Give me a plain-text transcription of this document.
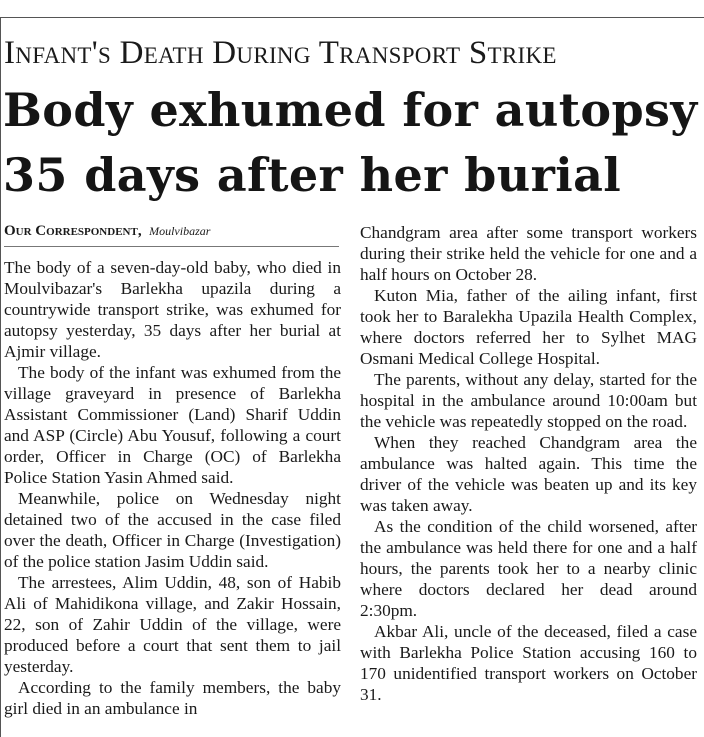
Infant's Death During Transport Strike
Body exhumed for autopsy
35 days after her burial
Our Correspondent, Moulvibazar

The body of a seven-day-old baby, who died in Moulvibazar's Barlekha upazila during a countrywide transport strike, was exhumed for autopsy yesterday, 35 days after her burial at Ajmir village.

The body of the infant was exhumed from the village graveyard in presence of Barlekha Assistant Commissioner (Land) Sharif Uddin and ASP (Circle) Abu Yousuf, following a court order, Officer in Charge (OC) of Barlekha Police Station Yasin Ahmed said.

Meanwhile, police on Wednesday night detained two of the accused in the case filed over the death, Officer in Charge (Investigation) of the police station Jasim Uddin said.

The arrestees, Alim Uddin, 48, son of Habib Ali of Mahidikona village, and Zakir Hossain, 22, son of Zahir Uddin of the village, were produced before a court that sent them to jail yesterday.

According to the family members, the baby girl died in an ambulance in

Chandgram area after some transport workers during their strike held the vehicle for one and a half hours on October 28.

Kuton Mia, father of the ailing infant, first took her to Baralekha Upazila Health Complex, where doctors referred her to Sylhet MAG Osmani Medical College Hospital.

The parents, without any delay, started for the hospital in the ambulance around 10:00am but the vehicle was repeatedly stopped on the road.

When they reached Chandgram area the ambulance was halted again. This time the driver of the vehicle was beaten up and its key was taken away.

As the condition of the child worsened, after the ambulance was held there for one and a half hours, the parents took her to a nearby clinic where doctors declared her dead around 2:30pm.

Akbar Ali, uncle of the deceased, filed a case with Barlekha Police Station accusing 160 to 170 unidentified transport workers on October 31.
